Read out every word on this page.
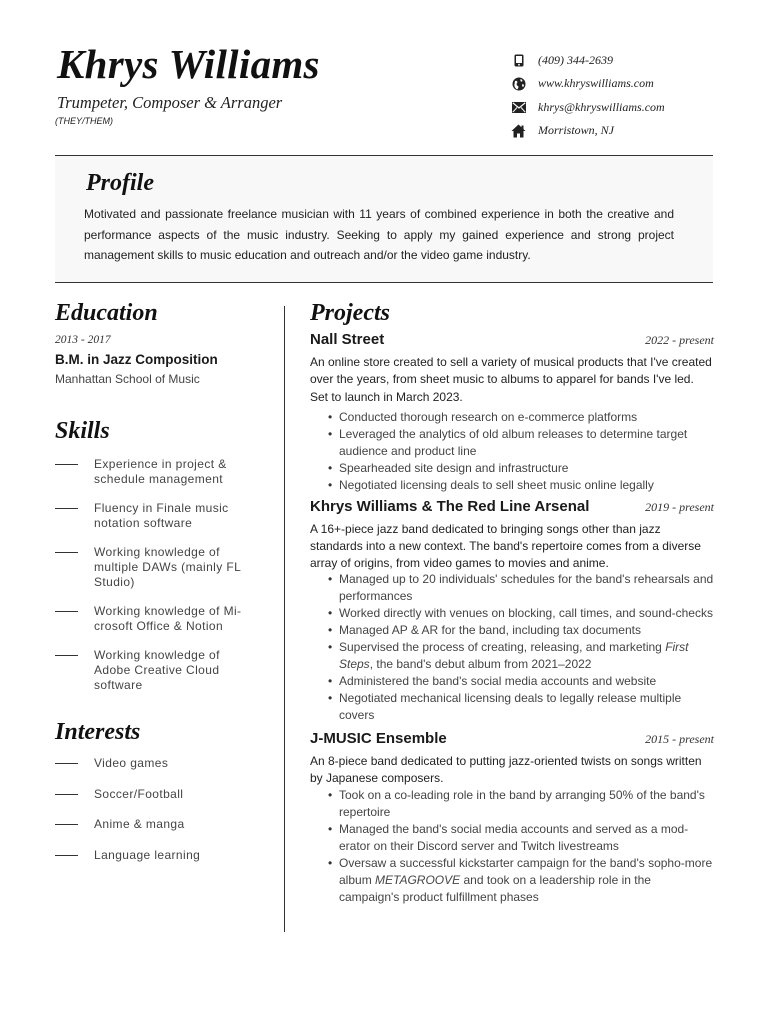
Khrys Williams
Trumpeter, Composer & Arranger
(THEY/THEM)
(409) 344-2639
www.khryswilliams.com
khrys@khryswilliams.com
Morristown, NJ
Profile
Motivated and passionate freelance musician with 11 years of combined experience in both the creative and performance aspects of the music industry. Seeking to apply my gained experience and strong project management skills to music education and outreach and/or the video game industry.
Education
2013 - 2017
B.M. in Jazz Composition
Manhattan School of Music
Skills
Experience in project & schedule management
Fluency in Finale music notation software
Working knowledge of multiple DAWs (mainly FL Studio)
Working knowledge of Mi-crosoft Office & Notion
Working knowledge of Adobe Creative Cloud software
Interests
Video games
Soccer/Football
Anime & manga
Language learning
Projects
Nall Street	2022 - present
An online store created to sell a variety of musical products that I've created over the years, from sheet music to albums to apparel for bands I've led. Set to launch in March 2023.
• Conducted thorough research on e-commerce platforms
• Leveraged the analytics of old album releases to determine target audience and product line
• Spearheaded site design and infrastructure
• Negotiated licensing deals to sell sheet music online legally
Khrys Williams & The Red Line Arsenal	2019 - present
A 16+-piece jazz band dedicated to bringing songs other than jazz standards into a new context. The band's repertoire comes from a diverse array of origins, from video games to movies and anime.
• Managed up to 20 individuals' schedules for the band's rehearsals and performances
• Worked directly with venues on blocking, call times, and sound-checks
• Managed AP & AR for the band, including tax documents
• Supervised the process of creating, releasing, and marketing First Steps, the band's debut album from 2021–2022
• Administered the band's social media accounts and website
• Negotiated mechanical licensing deals to legally release multiple covers
J-MUSIC Ensemble	2015 - present
An 8-piece band dedicated to putting jazz-oriented twists on songs written by Japanese composers.
• Took on a co-leading role in the band by arranging 50% of the band's repertoire
• Managed the band's social media accounts and served as a mod-erator on their Discord server and Twitch livestreams
• Oversaw a successful kickstarter campaign for the band's sopho-more album METAGROOVE and took on a leadership role in the campaign's product fulfillment phases
